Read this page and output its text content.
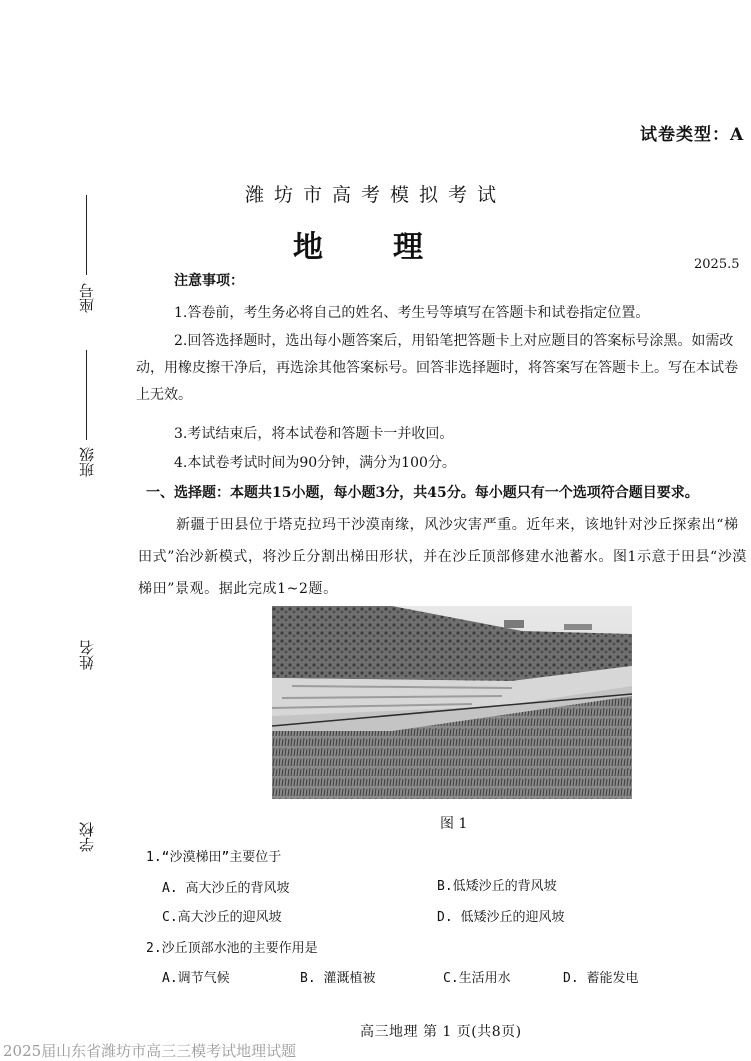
试卷类型：A
潍坊市高考模拟考试
地理	2025.5
座号
班级
姓名
学校
注意事项：
1.答卷前，考生务必将自己的姓名、考生号等填写在答题卡和试卷指定位置。
2.回答选择题时，选出每小题答案后，用铅笔把答题卡上对应题目的答案标号涂黑。如需改动，用橡皮擦干净后，再选涂其他答案标号。回答非选择题时，将答案写在答题卡上。写在本试卷上无效。
3.考试结束后，将本试卷和答题卡一并收回。
4.本试卷考试时间为90分钟，满分为100分。
一、选择题：本题共15小题，每小题3分，共45分。每小题只有一个选项符合题目要求。
新疆于田县位于塔克拉玛干沙漠南缘，风沙灾害严重。近年来，该地针对沙丘探索出“梯田式”治沙新模式，将沙丘分割出梯田形状，并在沙丘顶部修建水池蓄水。图1示意于田县“沙漠梯田”景观。据此完成1~2题。
图 1
1.“沙漠梯田”主要位于
A. 高大沙丘的背风坡	B.低矮沙丘的背风坡
C.高大沙丘的迎风坡	D. 低矮沙丘的迎风坡
2.沙丘顶部水池的主要作用是
A.调节气候	B. 灌溉植被	C.生活用水	D. 蓄能发电
高三地理 第 1 页(共8页)
2025届山东省潍坊市高三三模考试地理试题
